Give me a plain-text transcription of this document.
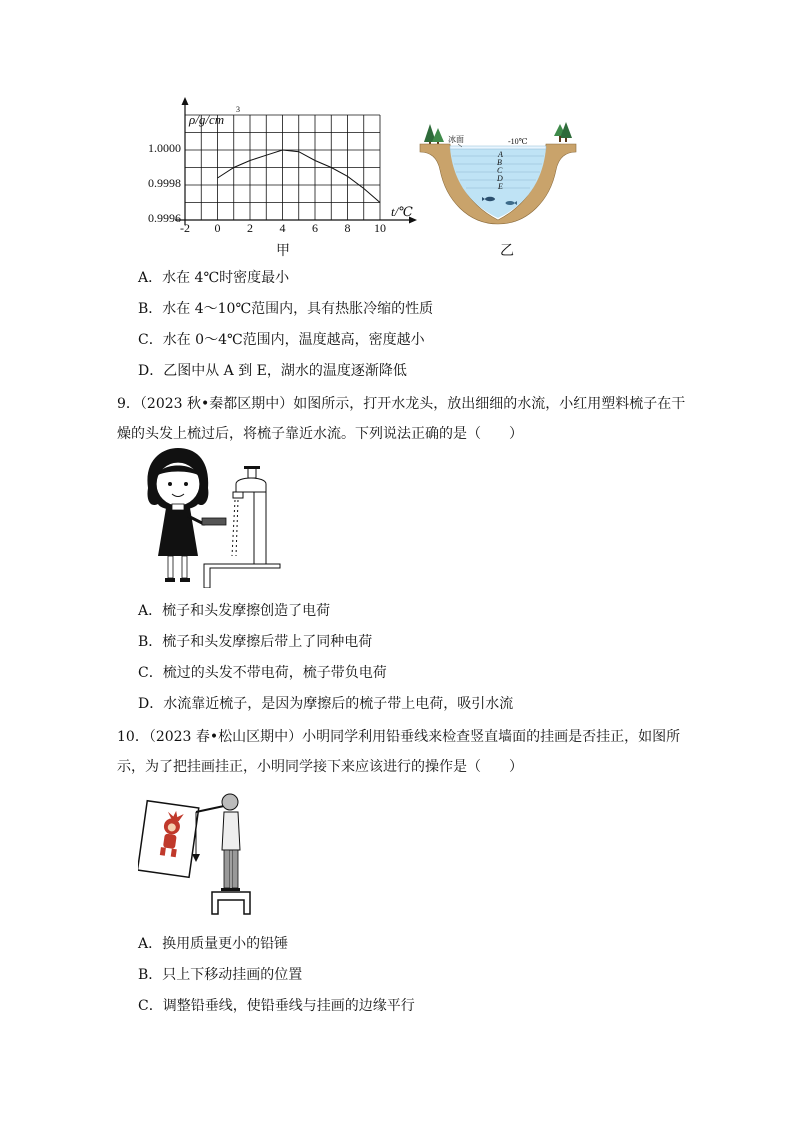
ρ/g/cm
3
t/℃
1.0000
0.9998
0.9996
-2 0 2 4 6 8 10
甲
冰面	-10℃
A
B
C
D
E
乙
A．水在 4℃时密度最小
B．水在 4～10℃范围内，具有热胀冷缩的性质
C．水在 0～4℃范围内，温度越高，密度越小
D．乙图中从 A 到 E，湖水的温度逐渐降低
9．（2023 秋•秦都区期中）如图所示，打开水龙头，放出细细的水流，小红用塑料梳子在干
燥的头发上梳过后，将梳子靠近水流。下列说法正确的是（　　）
A．梳子和头发摩擦创造了电荷
B．梳子和头发摩擦后带上了同种电荷
C．梳过的头发不带电荷，梳子带负电荷
D．水流靠近梳子，是因为摩擦后的梳子带上电荷，吸引水流
10．（2023 春•松山区期中）小明同学利用铅垂线来检查竖直墙面的挂画是否挂正，如图所
示，为了把挂画挂正，小明同学接下来应该进行的操作是（　　）
A．换用质量更小的铅锤
B．只上下移动挂画的位置
C．调整铅垂线，使铅垂线与挂画的边缘平行
